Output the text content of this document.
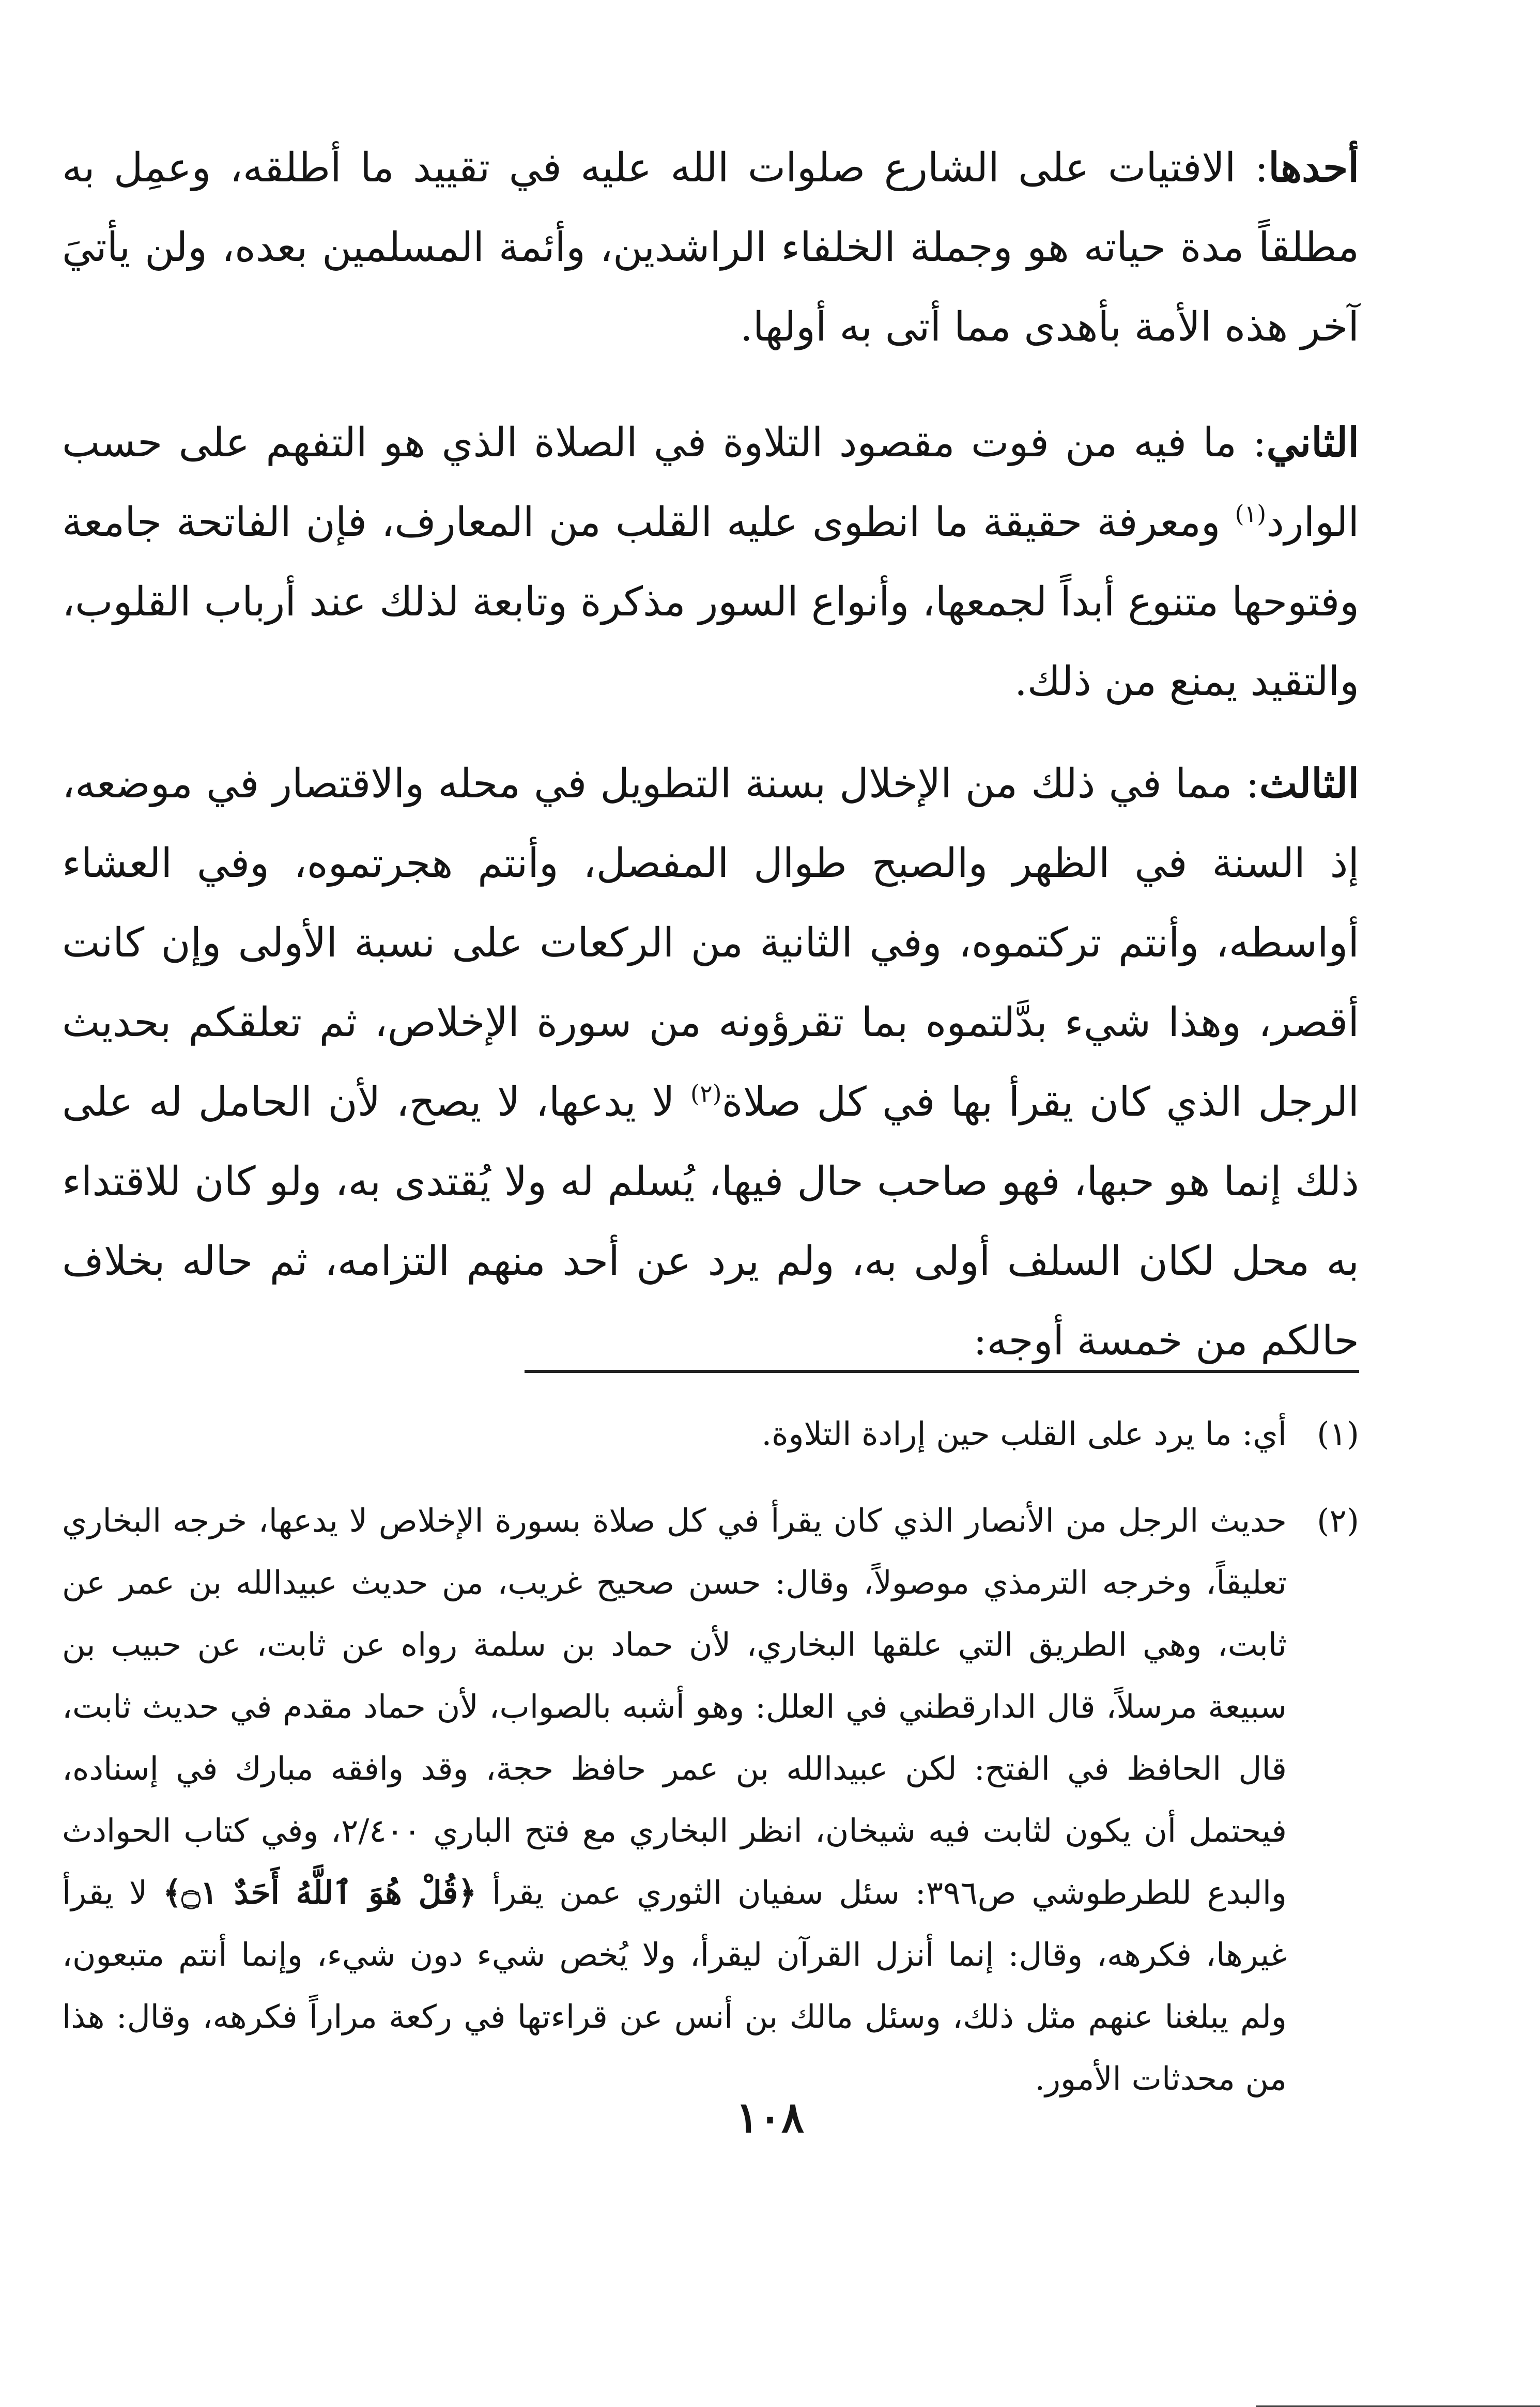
أحدها: الافتيات على الشارع صلوات الله عليه في تقييد ما أطلقه، وعمِل به مطلقاً مدة حياته هو وجملة الخلفاء الراشدين، وأئمة المسلمين بعده، ولن يأتيَ آخر هذه الأمة بأهدى مما أتى به أولها.

الثاني: ما فيه من فوت مقصود التلاوة في الصلاة الذي هو التفهم على حسب الوارد$^{(١)}$ ومعرفة حقيقة ما انطوى عليه القلب من المعارف، فإن الفاتحة جامعة وفتوحها متنوع أبداً لجمعها، وأنواع السور مذكرة وتابعة لذلك عند أرباب القلوب، والتقيد يمنع من ذلك.

الثالث: مما في ذلك من الإخلال بسنة التطويل في محله والاقتصار في موضعه، إذ السنة في الظهر والصبح طوال المفصل، وأنتم هجرتموه، وفي العشاء أواسطه، وأنتم تركتموه، وفي الثانية من الركعات على نسبة الأولى وإن كانت أقصر، وهذا شيء بدَّلتموه بما تقرؤونه من سورة الإخلاص، ثم تعلقكم بحديث الرجل الذي كان يقرأ بها في كل صلاة$^{(٢)}$ لا يدعها، لا يصح، لأن الحامل له على ذلك إنما هو حبها، فهو صاحب حال فيها، يُسلم له ولا يُقتدى به، ولو كان للاقتداء به محل لكان السلف أولى به، ولم يرد عن أحد منهم التزامه، ثم حاله بخلاف حالكم من خمسة أوجه:

(١)
أي: ما يرد على القلب حين إرادة التلاوة.

(٢)
حديث الرجل من الأنصار الذي كان يقرأ في كل صلاة بسورة الإخلاص لا يدعها، خرجه البخاري تعليقاً، وخرجه الترمذي موصولاً، وقال: حسن صحيح غريب، من حديث عبيدالله بن عمر عن ثابت، وهي الطريق التي علقها البخاري، لأن حماد بن سلمة رواه عن ثابت، عن حبيب بن سبيعة مرسلاً، قال الدارقطني في العلل: وهو أشبه بالصواب، لأن حماد مقدم في حديث ثابت، قال الحافظ في الفتح: لكن عبيدالله بن عمر حافظ حجة، وقد وافقه مبارك في إسناده، فيحتمل أن يكون لثابت فيه شيخان، انظر البخاري مع فتح الباري ٢/٤٠٠، وفي كتاب الحوادث والبدع للطرطوشي ص٣٩٦: سئل سفيان الثوري عمن يقرأ ﴿قُلْ هُوَ ٱللَّهُ أَحَدٌ ۝١﴾ لا يقرأ غيرها، فكرهه، وقال: إنما أنزل القرآن ليقرأ، ولا يُخص شيء دون شيء، وإنما أنتم متبعون، ولم يبلغنا عنهم مثل ذلك، وسئل مالك بن أنس عن قراءتها في ركعة مراراً فكرهه، وقال: هذا من محدثات الأمور.

١٠٨
